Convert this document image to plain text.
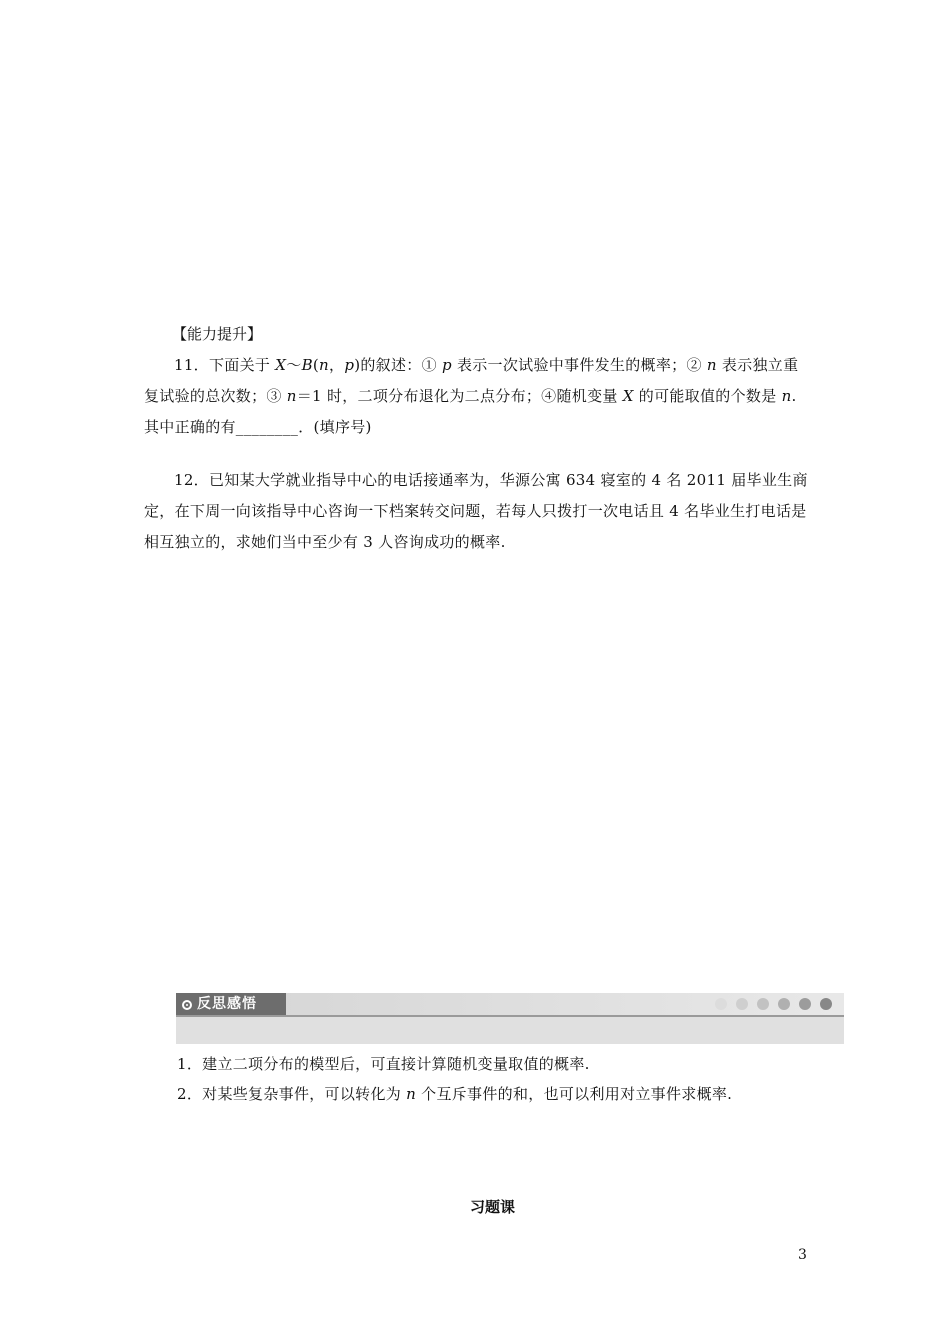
【能力提升】

11．下面关于 X～B(n，p)的叙述：① p 表示一次试验中事件发生的概率；② n 表示独立重复试验的总次数；③ n＝1 时，二项分布退化为二点分布；④随机变量 X 的可能取值的个数是 n.其中正确的有________．(填序号)

12．已知某大学就业指导中心的电话接通率为，华源公寓 634 寝室的 4 名 2011 届毕业生商定，在下周一向该指导中心咨询一下档案转交问题，若每人只拨打一次电话且 4 名毕业生打电话是相互独立的，求她们当中至少有 3 人咨询成功的概率.

反思感悟
1．建立二项分布的模型后，可直接计算随机变量取值的概率.
2．对某些复杂事件，可以转化为 n 个互斥事件的和，也可以利用对立事件求概率.
习题课
3
